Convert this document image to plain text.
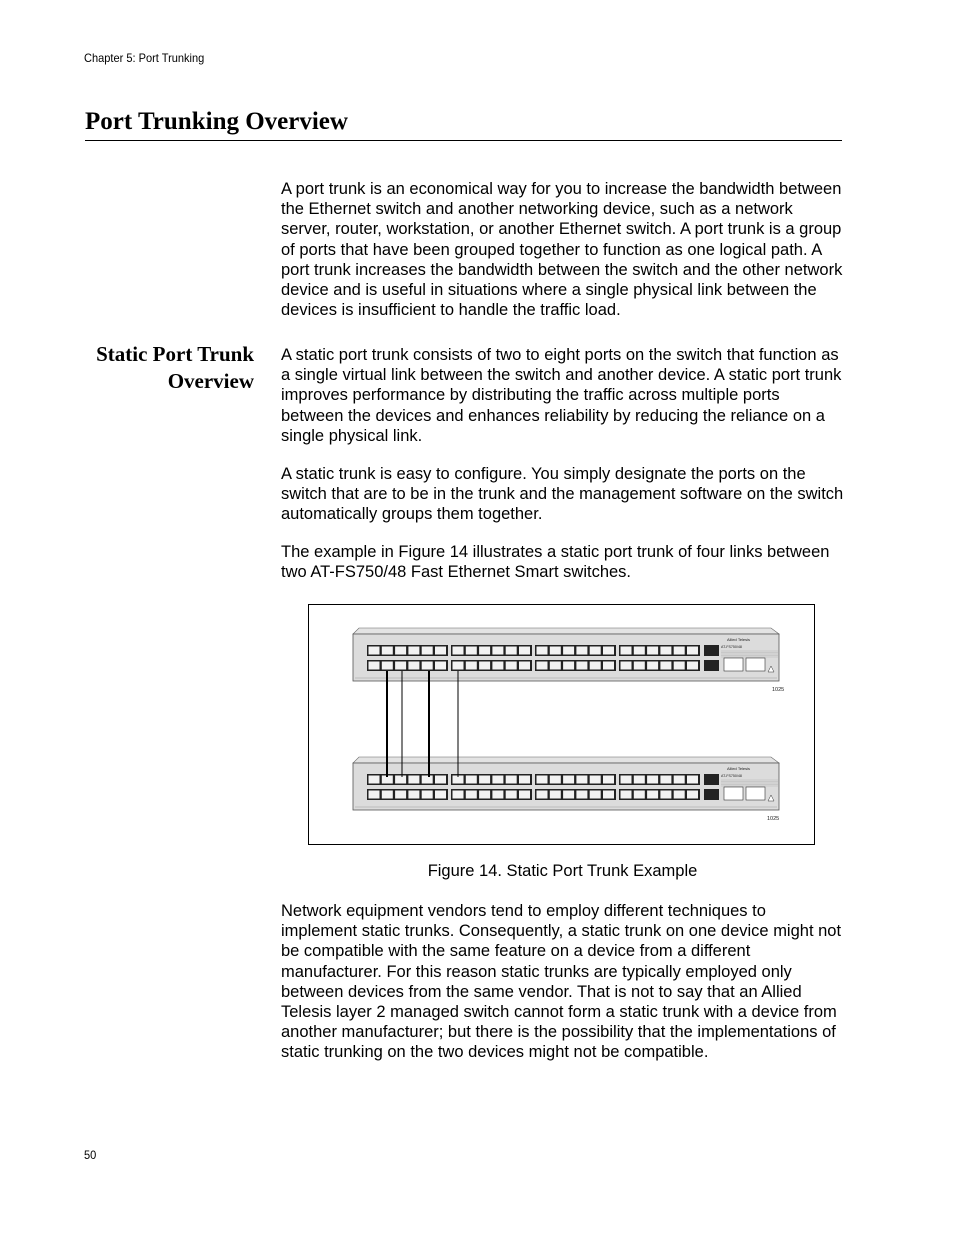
Chapter 5: Port Trunking
Port Trunking Overview

A port trunk is an economical way for you to increase the bandwidth between the Ethernet switch and another networking device, such as a network server, router, workstation, or another Ethernet switch. A port trunk is a group of ports that have been grouped together to function as one logical path. A port trunk increases the bandwidth between the switch and the other network device and is useful in situations where a single physical link between the devices is insufficient to handle the traffic load.

Static Port Trunk
Overview

A static port trunk consists of two to eight ports on the switch that function as a single virtual link between the switch and another device. A static port trunk improves performance by distributing the traffic across multiple ports between the devices and enhances reliability by reducing the reliance on a single physical link.

A static trunk is easy to configure. You simply designate the ports on the switch that are to be in the trunk and the management software on the switch automatically groups them together.

The example in Figure 14 illustrates a static port trunk of four links between two AT-FS750/48 Fast Ethernet Smart switches.

Allied Telesis
AT-FS750/48
Allied Telesis
AT-FS750/48
1025
1025
Figure 14. Static Port Trunk Example

Network equipment vendors tend to employ different techniques to implement static trunks. Consequently, a static trunk on one device might not be compatible with the same feature on a device from a different manufacturer. For this reason static trunks are typically employed only between devices from the same vendor. That is not to say that an Allied Telesis layer 2 managed switch cannot form a static trunk with a device from another manufacturer; but there is the possibility that the implementations of static trunking on the two devices might not be compatible.

50
